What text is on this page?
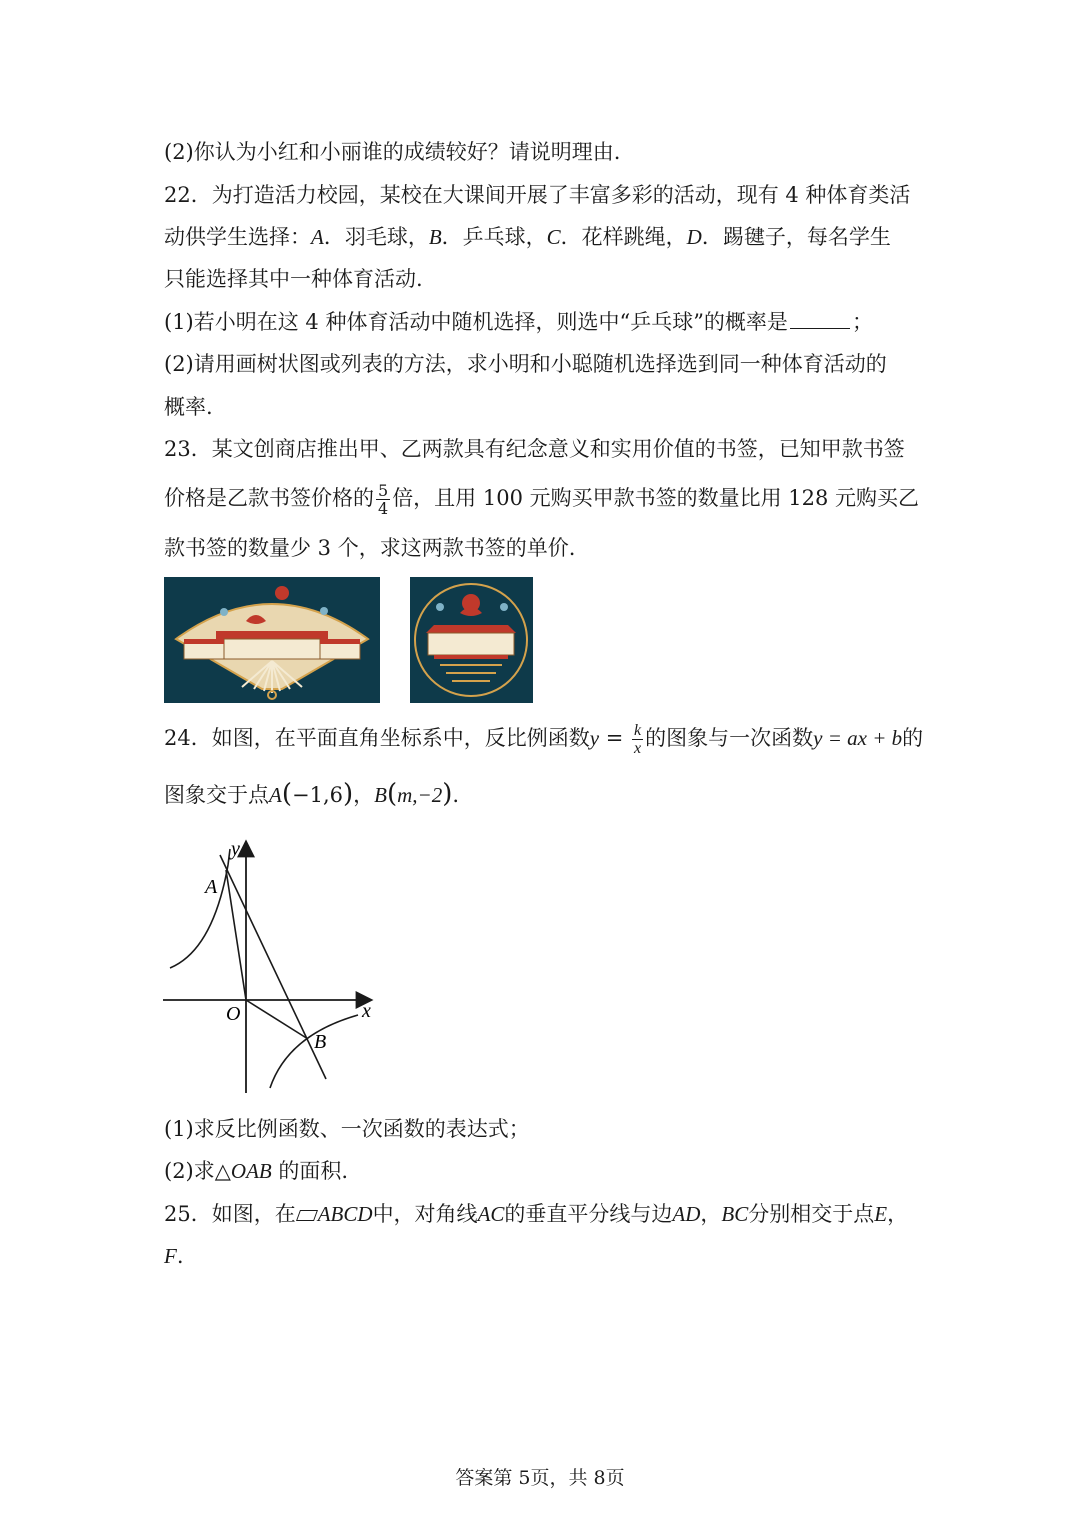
(2)你认为小红和小丽谁的成绩较好？请说明理由.
22．为打造活力校园，某校在大课间开展了丰富多彩的活动，现有 4 种体育类活
动供学生选择：A．羽毛球，B．乒乓球，C．花样跳绳，D．踢毽子，每名学生
只能选择其中一种体育活动.
(1)若小明在这 4 种体育活动中随机选择，则选中“乒乓球”的概率是	；
(2)请用画树状图或列表的方法，求小明和小聪随机选择选到同一种体育活动的
概率.
23．某文创商店推出甲、乙两款具有纪念意义和实用价值的书签，已知甲款书签
价格是乙款书签价格的 $\frac{5}{4}$ 倍，且用 100 元购买甲款书签的数量比用 128 元购买乙
款书签的数量少 3 个，求这两款书签的单价.
24．如图，在平面直角坐标系中，反比例函数$y = \frac{k}{x}$ 的图象与一次函数y = ax + b的
图象交于点A(−1,6)，B(m,−2).
y
x
O
A
B
(1)求反比例函数、一次函数的表达式；
(2)求△OAB 的面积.
25．如图，在 ABCD中，对角线AC的垂直平分线与边AD，BC分别相交于点E，
F.
答案第 5页，共 8页
